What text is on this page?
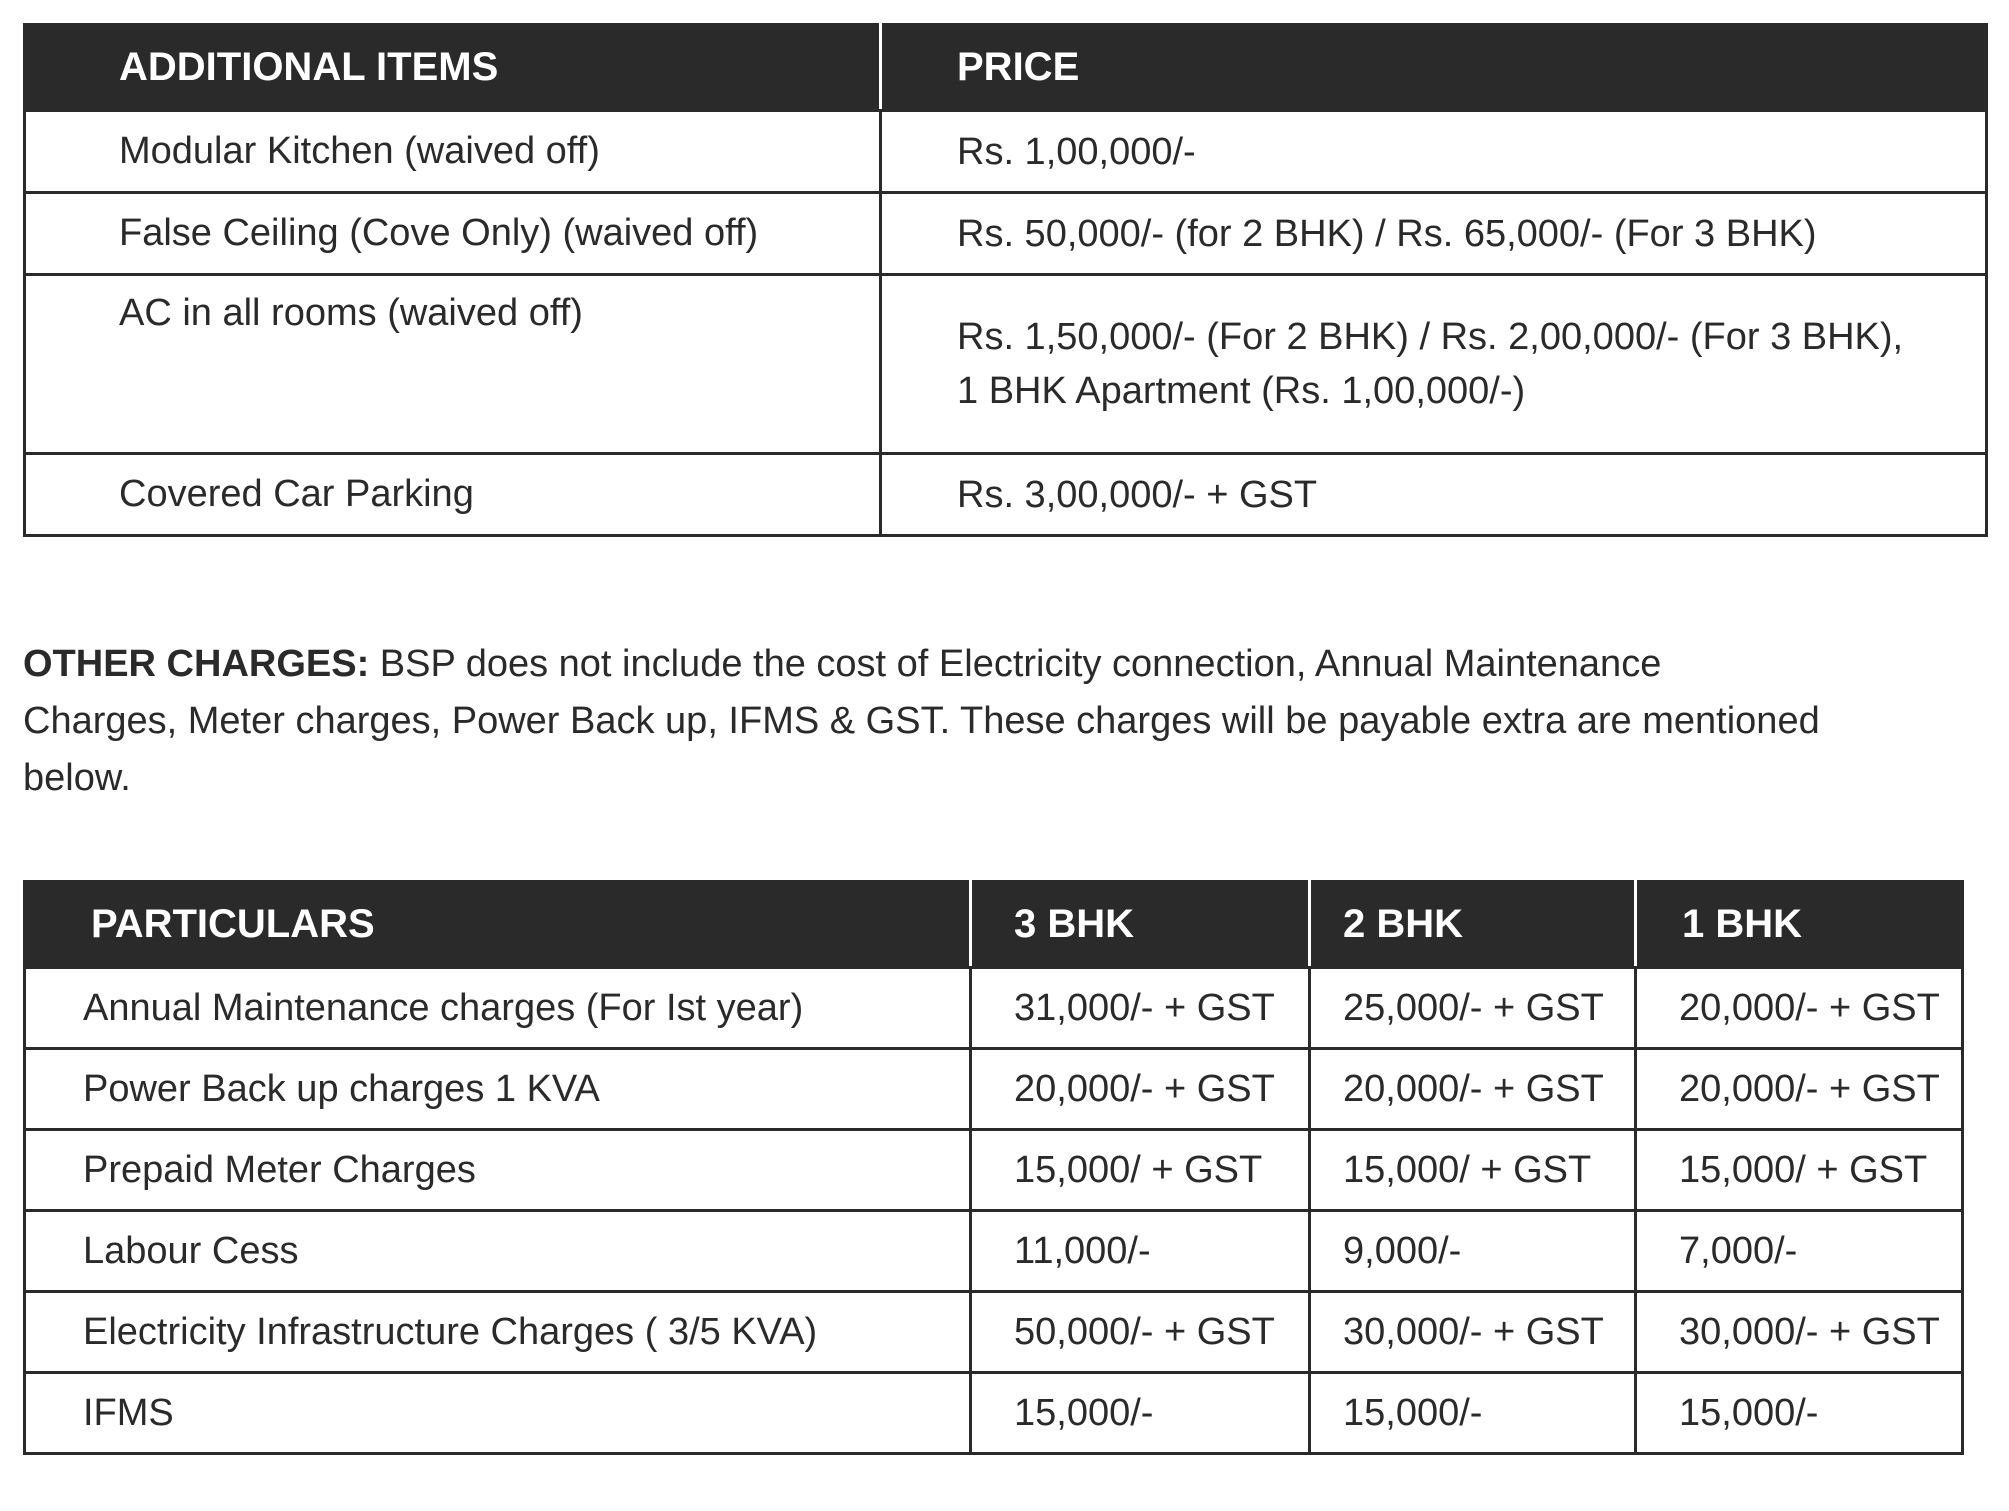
ADDITIONAL ITEMS	PRICE
Modular Kitchen (waived off)	Rs. 1,00,000/-

False Ceiling (Cove Only) (waived off)	Rs. 50,000/- (for 2 BHK) / Rs. 65,000/- (For 3 BHK)

AC in all rooms (waived off)	Rs. 1,50,000/- (For 2 BHK) / Rs. 2,00,000/- (For 3 BHK),
1 BHK Apartment (Rs. 1,00,000/-)

Covered Car Parking	Rs. 3,00,000/- + GST

OTHER CHARGES: BSP does not include the cost of Electricity connection, Annual Maintenance Charges, Meter charges, Power Back up, IFMS & GST. These charges will be payable extra are mentioned below.

PARTICULARS	3 BHK	2 BHK	1 BHK
Annual Maintenance charges (For Ist year)	31,000/- + GST	25,000/- + GST	20,000/- + GST
Power Back up charges 1 KVA	20,000/- + GST	20,000/- + GST	20,000/- + GST
Prepaid Meter Charges	15,000/ + GST	15,000/ + GST	15,000/ + GST
Labour Cess	11,000/-	9,000/-	7,000/-
Electricity Infrastructure Charges ( 3/5 KVA)	50,000/- + GST	30,000/- + GST	30,000/- + GST
IFMS	15,000/-	15,000/-	15,000/-
